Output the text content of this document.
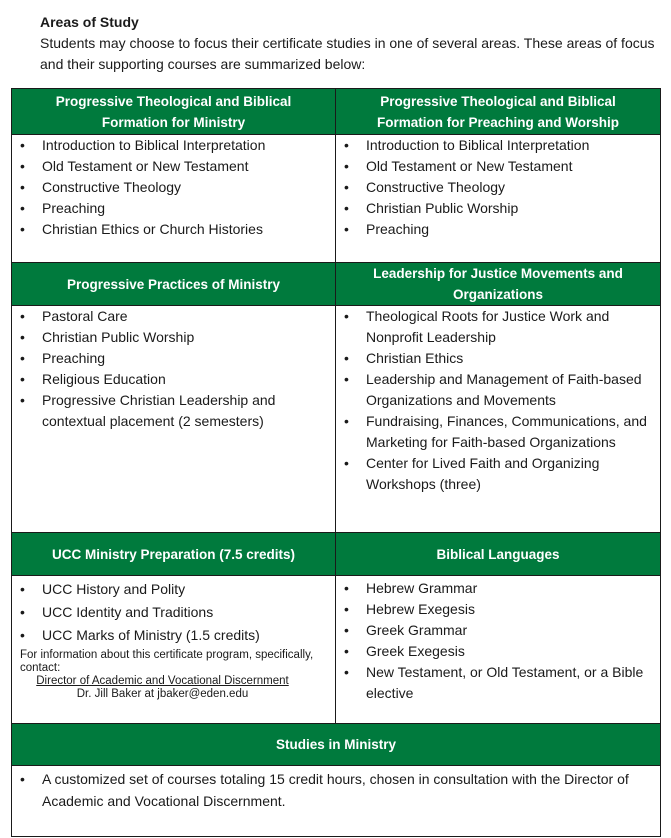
Areas of Study

Students may choose to focus their certificate studies in one of several areas. These areas of focus and their supporting courses are summarized below:

Progressive Theological and Biblical Formation for Ministry
• Introduction to Biblical Interpretation
• Old Testament or New Testament
• Constructive Theology
• Preaching
• Christian Ethics or Church Histories
Progressive Theological and Biblical Formation for Preaching and Worship
• Introduction to Biblical Interpretation
• Old Testament or New Testament
• Constructive Theology
• Christian Public Worship
• Preaching
Progressive Practices of Ministry
• Pastoral Care
• Christian Public Worship
• Preaching
• Religious Education
• Progressive Christian Leadership and contextual placement (2 semesters)
Leadership for Justice Movements and Organizations
• Theological Roots for Justice Work and Nonprofit Leadership
• Christian Ethics
• Leadership and Management of Faith-based Organizations and Movements
• Fundraising, Finances, Communications, and Marketing for Faith-based Organizations
• Center for Lived Faith and Organizing Workshops (three)
UCC Ministry Preparation (7.5 credits)
• UCC History and Polity
• UCC Identity and Traditions
• UCC Marks of Ministry (1.5 credits)
For information about this certificate program, specifically, contact:
Director of Academic and Vocational Discernment
Dr. Jill Baker at jbaker@eden.edu
Biblical Languages
• Hebrew Grammar
• Hebrew Exegesis
• Greek Grammar
• Greek Exegesis
• New Testament, or Old Testament, or a Bible elective
Studies in Ministry
• A customized set of courses totaling 15 credit hours, chosen in consultation with the Director of Academic and Vocational Discernment.
